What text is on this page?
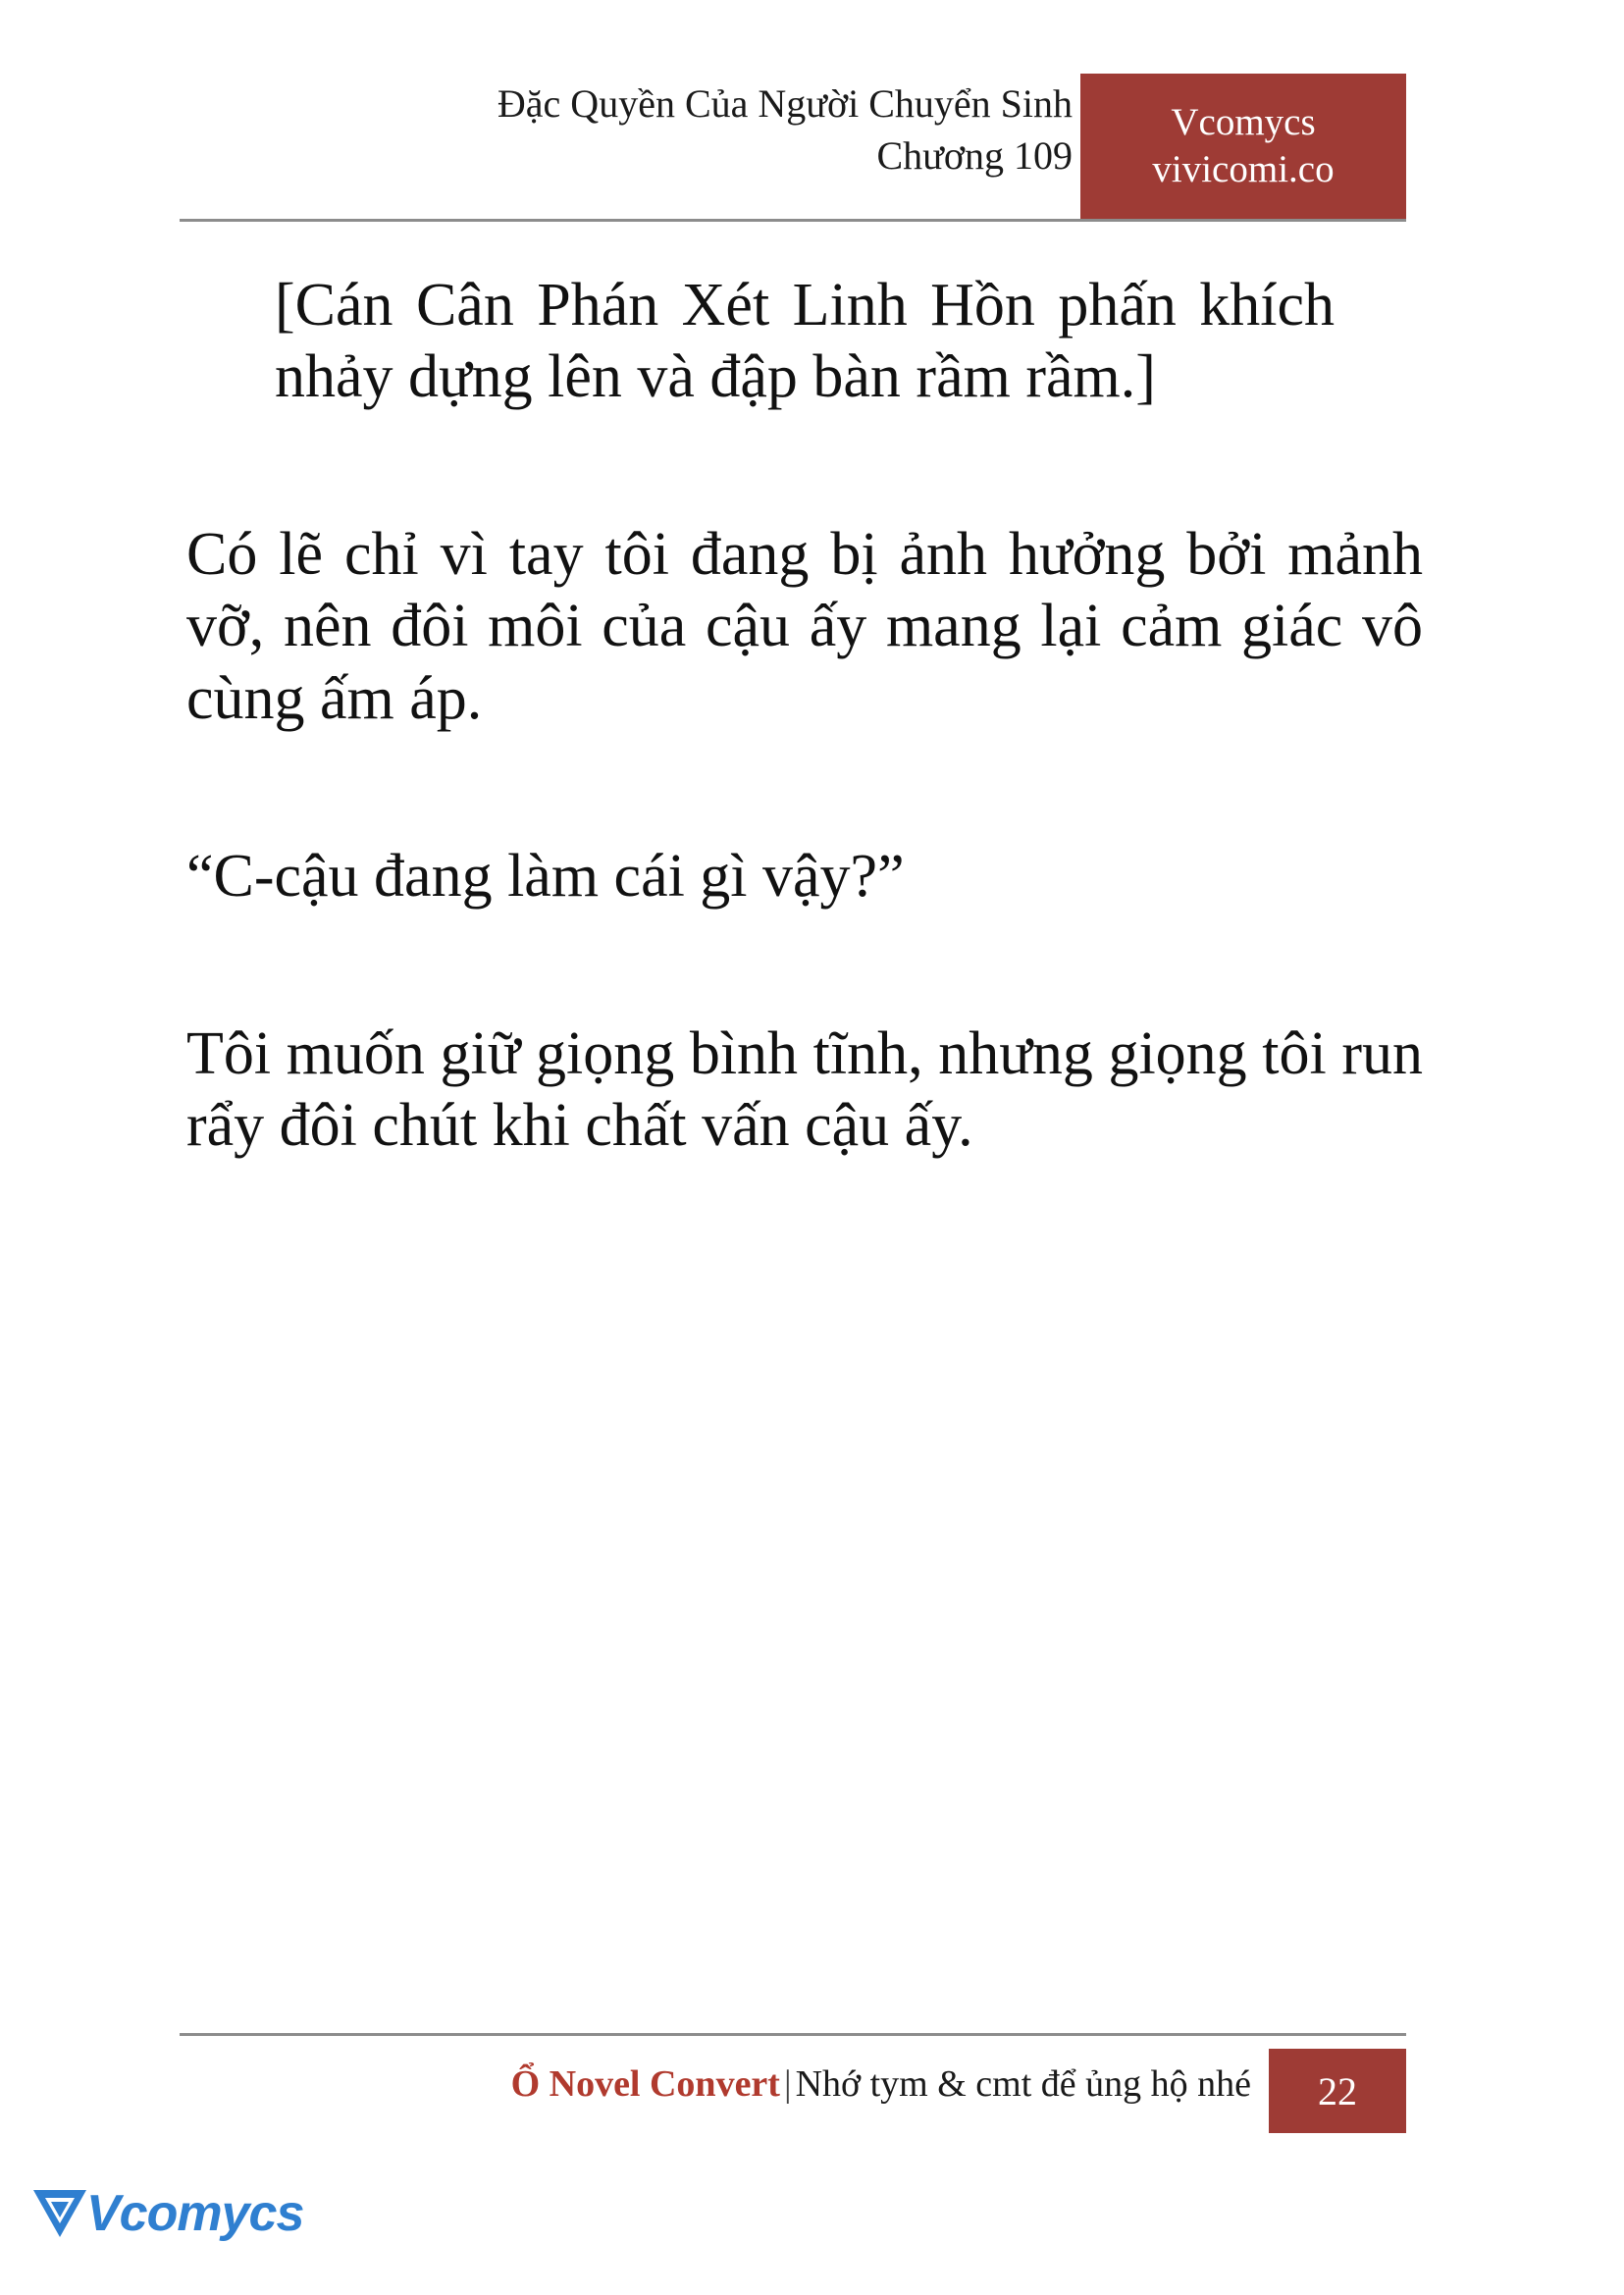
Đặc Quyền Của Người Chuyển Sinh
Chương 109
Vcomycs
vivicomi.co

[Cán Cân Phán Xét Linh Hồn phấn khích nhảy dựng lên và đập bàn rầm rầm.]

Có lẽ chỉ vì tay tôi đang bị ảnh hưởng bởi mảnh vỡ, nên đôi môi của cậu ấy mang lại cảm giác vô cùng ấm áp.

“C-cậu đang làm cái gì vậy?”

Tôi muốn giữ giọng bình tĩnh, nhưng giọng tôi run rẩy đôi chút khi chất vấn cậu ấy.

Ổ Novel Convert | Nhớ tym & cmt để ủng hộ nhé 22
Vcomycs
